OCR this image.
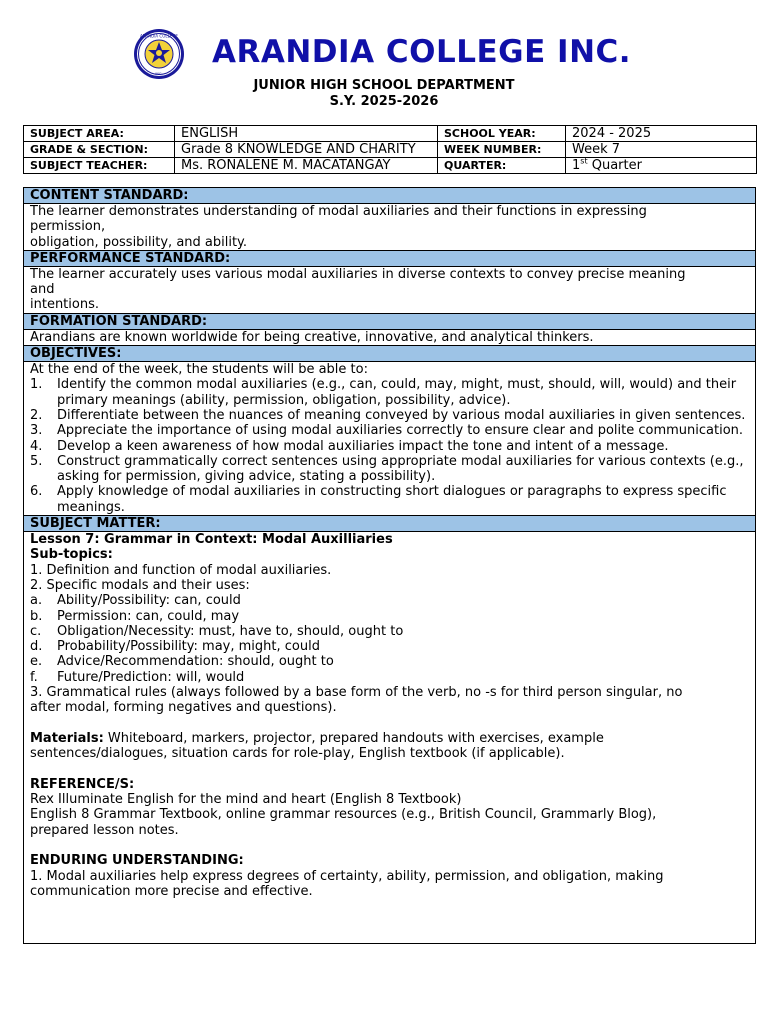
ARANDIA COLLEGE
INC.
ARANDIA COLLEGE INC.
JUNIOR HIGH SCHOOL DEPARTMENT
S.Y. 2025-2026
SUBJECT AREA:	ENGLISH	SCHOOL YEAR:	2024 - 2025
GRADE & SECTION:	Grade 8 KNOWLEDGE AND CHARITY	WEEK NUMBER:	Week 7
SUBJECT TEACHER:	Ms. RONALENE M. MACATANGAY	QUARTER:	1st Quarter
CONTENT STANDARD:
The learner demonstrates understanding of modal auxiliaries and their functions in expressing
permission,
obligation, possibility, and ability.
PERFORMANCE STANDARD:
The learner accurately uses various modal auxiliaries in diverse contexts to convey precise meaning
and
intentions.
FORMATION STANDARD:
Arandians are known worldwide for being creative, innovative, and analytical thinkers.
OBJECTIVES:
At the end of the week, the students will be able to:
1. Identify the common modal auxiliaries (e.g., can, could, may, might, must, should, will, would) and their primary meanings (ability, permission, obligation, possibility, advice).
2. Differentiate between the nuances of meaning conveyed by various modal auxiliaries in given sentences.
3. Appreciate the importance of using modal auxiliaries correctly to ensure clear and polite communication.
4. Develop a keen awareness of how modal auxiliaries impact the tone and intent of a message.
5. Construct grammatically correct sentences using appropriate modal auxiliaries for various contexts (e.g., asking for permission, giving advice, stating a possibility).
6. Apply knowledge of modal auxiliaries in constructing short dialogues or paragraphs to express specific meanings.
SUBJECT MATTER:
Lesson 7: Grammar in Context: Modal Auxilliaries
Sub-topics:
1. Definition and function of modal auxiliaries.
2. Specific modals and their uses:
a. Ability/Possibility: can, could
b. Permission: can, could, may
c. Obligation/Necessity: must, have to, should, ought to
d. Probability/Possibility: may, might, could
e. Advice/Recommendation: should, ought to
f. Future/Prediction: will, would
3. Grammatical rules (always followed by a base form of the verb, no -s for third person singular, no
after modal, forming negatives and questions).
Materials: Whiteboard, markers, projector, prepared handouts with exercises, example
sentences/dialogues, situation cards for role-play, English textbook (if applicable).
REFERENCE/S:
Rex Illuminate English for the mind and heart (English 8 Textbook)
English 8 Grammar Textbook, online grammar resources (e.g., British Council, Grammarly Blog),
prepared lesson notes.
ENDURING UNDERSTANDING:
1. Modal auxiliaries help express degrees of certainty, ability, permission, and obligation, making
communication more precise and effective.
